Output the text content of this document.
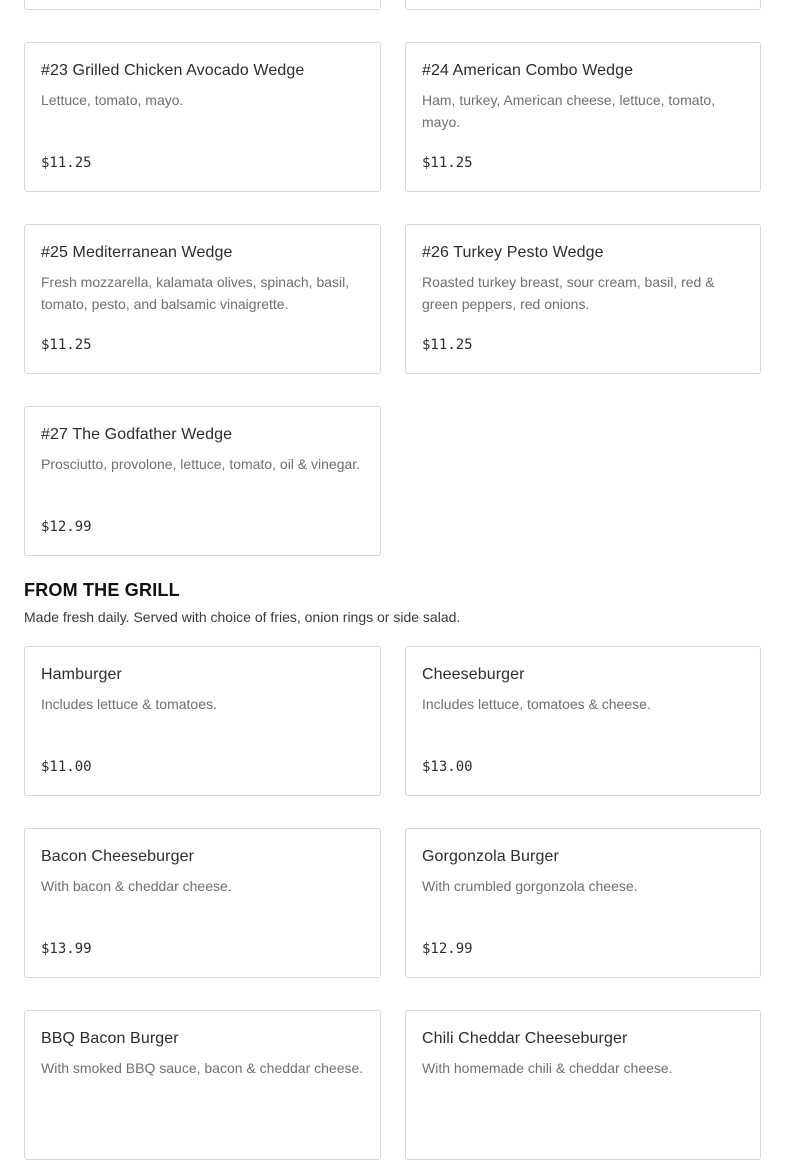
#23 Grilled Chicken Avocado Wedge
Lettuce, tomato, mayo.
$11.25
#24 American Combo Wedge
Ham, turkey, American cheese, lettuce, tomato, mayo.
$11.25
#25 Mediterranean Wedge
Fresh mozzarella, kalamata olives, spinach, basil, tomato, pesto, and balsamic vinaigrette.
$11.25
#26 Turkey Pesto Wedge
Roasted turkey breast, sour cream, basil, red & green peppers, red onions.
$11.25
#27 The Godfather Wedge
Prosciutto, provolone, lettuce, tomato, oil & vinegar.
$12.99
FROM THE GRILL
Made fresh daily. Served with choice of fries, onion rings or side salad.
Hamburger
Includes lettuce & tomatoes.
$11.00
Cheeseburger
Includes lettuce, tomatoes & cheese.
$13.00
Bacon Cheeseburger
With bacon & cheddar cheese.
$13.99
Gorgonzola Burger
With crumbled gorgonzola cheese.
$12.99
BBQ Bacon Burger
With smoked BBQ sauce, bacon & cheddar cheese.
Chili Cheddar Cheeseburger
With homemade chili & cheddar cheese.
